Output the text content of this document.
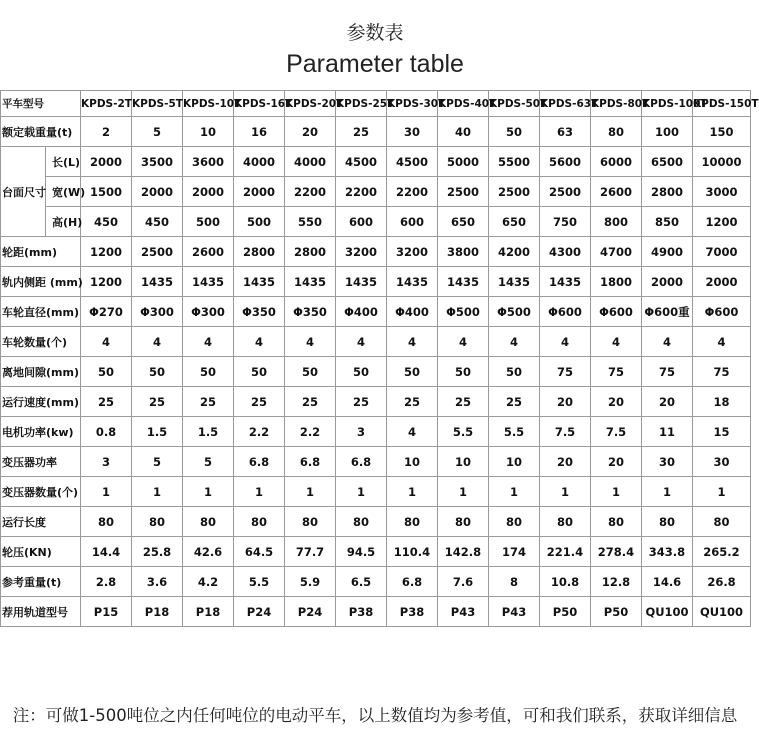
参数表
Parameter table
平车型号		KPDS-2T	KPDS-5T	KPDS-10T	KPDS-16T	KPDS-20T	KPDS-25T	KPDS-30T	KPDS-40T	KPDS-50T	KPDS-63T	KPDS-80T	KPDS-100T	KPDS-150T
额定载重量(t)		2	5	10	16	20	25	30	40	50	63	80	100	150
台面尺寸	长(L)	2000	3500	3600	4000	4000	4500	4500	5000	5500	5600	6000	6500	10000
	宽(W)	1500	2000	2000	2000	2200	2200	2200	2500	2500	2500	2600	2800	3000
	高(H)	450	450	500	500	550	600	600	650	650	750	800	850	1200
轮距(mm)		1200	2500	2600	2800	2800	3200	3200	3800	4200	4300	4700	4900	7000
轨内侧距 (mm)		1200	1435	1435	1435	1435	1435	1435	1435	1435	1435	1800	2000	2000
车轮直径(mm)		Φ270	Φ300	Φ300	Φ350	Φ350	Φ400	Φ400	Φ500	Φ500	Φ600	Φ600	Φ600重	Φ600
车轮数量(个)		4	4	4	4	4	4	4	4	4	4	4	4	4
离地间隙(mm)		50	50	50	50	50	50	50	50	50	75	75	75	75
运行速度(mm)		25	25	25	25	25	25	25	25	25	20	20	20	18
电机功率(kw)		0.8	1.5	1.5	2.2	2.2	3	4	5.5	5.5	7.5	7.5	11	15
变压器功率		3	5	5	6.8	6.8	6.8	10	10	10	20	20	30	30
变压器数量(个)		1	1	1	1	1	1	1	1	1	1	1	1	1
运行长度		80	80	80	80	80	80	80	80	80	80	80	80	80
轮压(KN)		14.4	25.8	42.6	64.5	77.7	94.5	110.4	142.8	174	221.4	278.4	343.8	265.2
参考重量(t)		2.8	3.6	4.2	5.5	5.9	6.5	6.8	7.6	8	10.8	12.8	14.6	26.8
荐用轨道型号		P15	P18	P18	P24	P24	P38	P38	P43	P43	P50	P50	QU100	QU100
注：可做1-500吨位之内任何吨位的电动平车，以上数值均为参考值，可和我们联系，获取详细信息
